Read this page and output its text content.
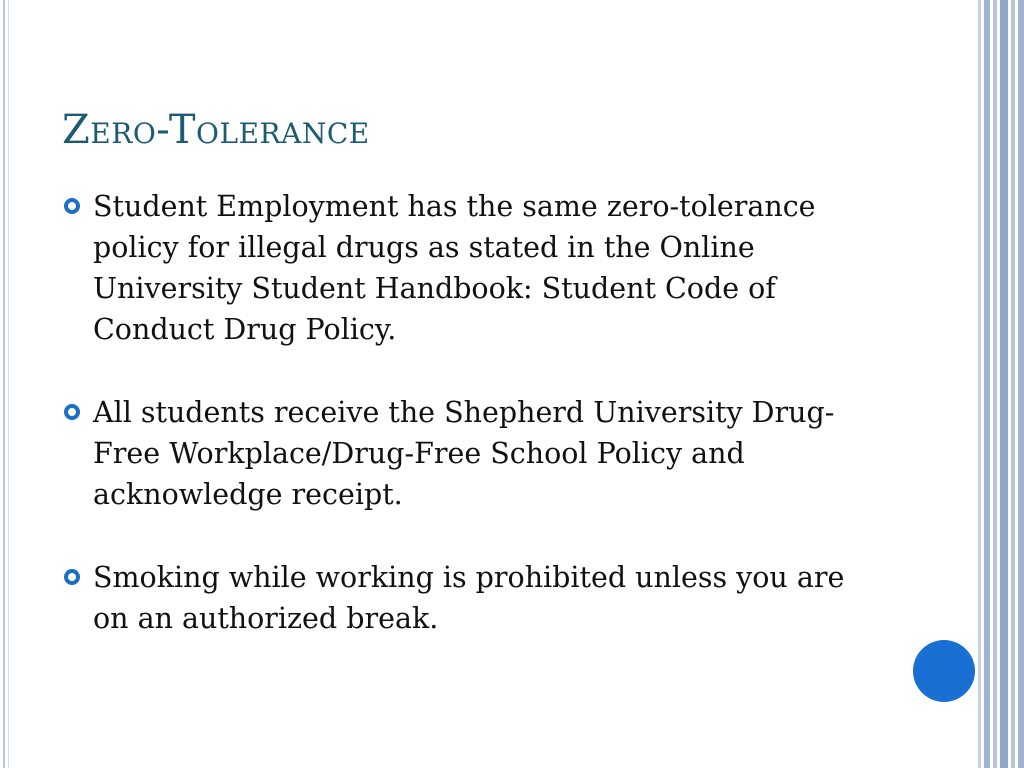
Zero-Tolerance
Student Employment has the same zero-tolerance policy for illegal drugs as stated in the Online University Student Handbook: Student Code of Conduct Drug Policy.
All students receive the Shepherd University Drug-Free Workplace/Drug-Free School Policy and acknowledge receipt.
Smoking while working is prohibited unless you are on an authorized break.
